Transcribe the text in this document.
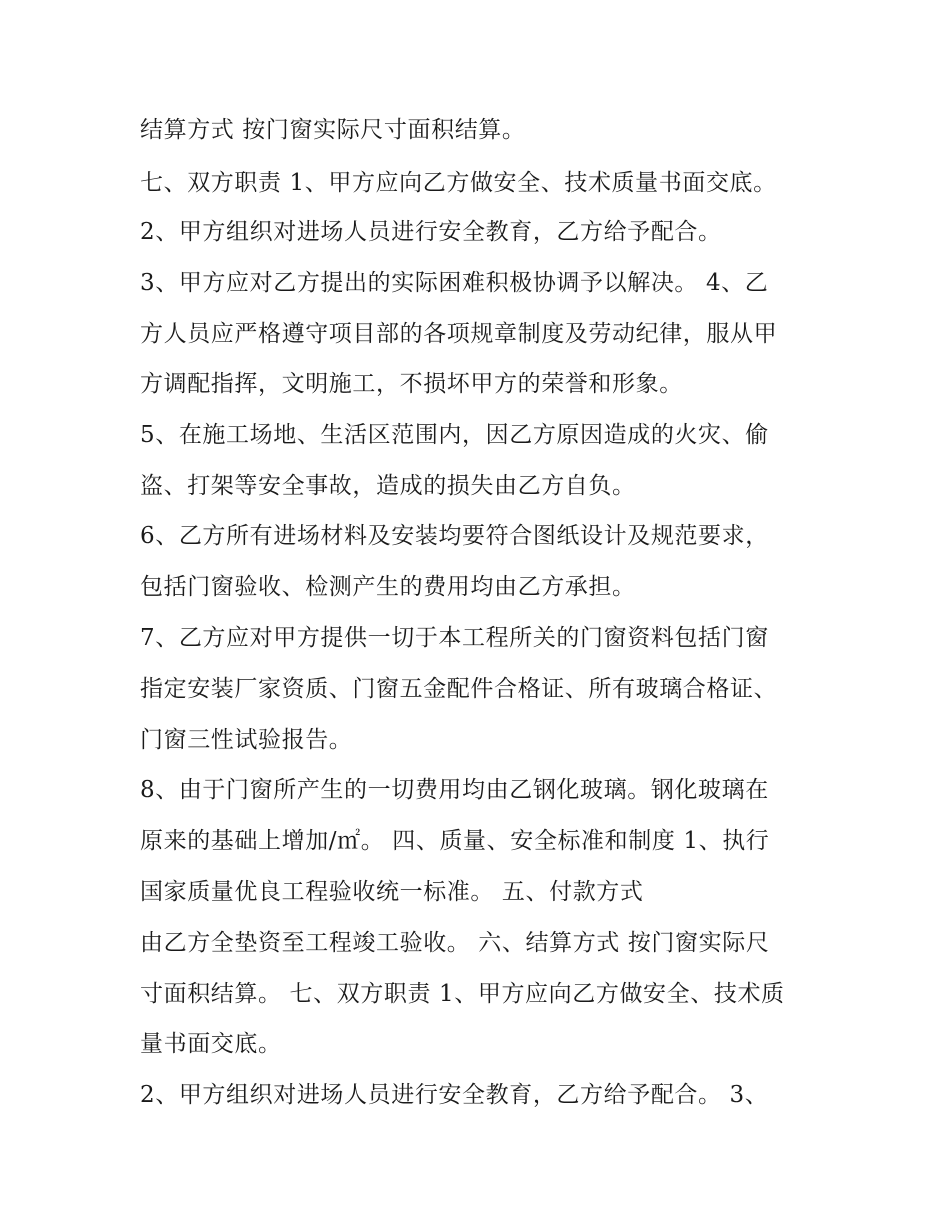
结算方式 按门窗实际尺寸面积结算。
七、双方职责 1、甲方应向乙方做安全、技术质量书面交底。
2、甲方组织对进场人员进行安全教育，乙方给予配合。
3、甲方应对乙方提出的实际困难积极协调予以解决。 4、乙
方人员应严格遵守项目部的各项规章制度及劳动纪律，服从甲
方调配指挥，文明施工，不损坏甲方的荣誉和形象。
5、在施工场地、生活区范围内，因乙方原因造成的火灾、偷
盗、打架等安全事故，造成的损失由乙方自负。
6、乙方所有进场材料及安装均要符合图纸设计及规范要求，
包括门窗验收、检测产生的费用均由乙方承担。
7、乙方应对甲方提供一切于本工程所关的门窗资料包括门窗
指定安装厂家资质、门窗五金配件合格证、所有玻璃合格证、
门窗三性试验报告。
8、由于门窗所产生的一切费用均由乙钢化玻璃。钢化玻璃在
原来的基础上增加/㎡。 四、质量、安全标准和制度 1、执行
国家质量优良工程验收统一标准。 五、付款方式
由乙方全垫资至工程竣工验收。 六、结算方式 按门窗实际尺
寸面积结算。 七、双方职责 1、甲方应向乙方做安全、技术质
量书面交底。
2、甲方组织对进场人员进行安全教育，乙方给予配合。 3、
